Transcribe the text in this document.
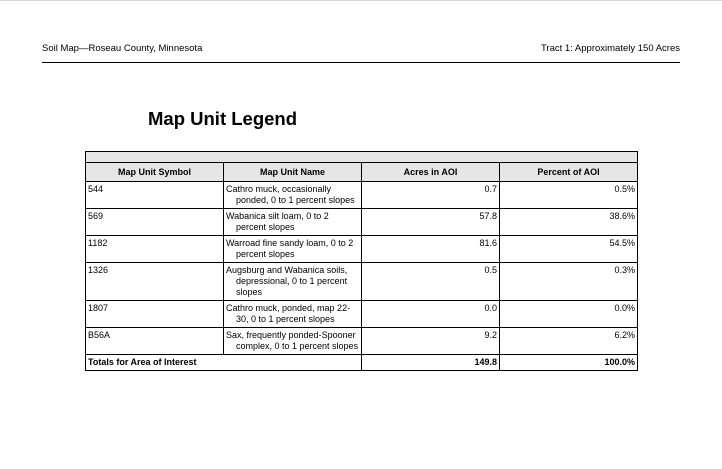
Soil Map—Roseau County, Minnesota	Tract 1: Approximately 150 Acres
Map Unit Legend

Map Unit Symbol	Map Unit Name	Acres in AOI	Percent of AOI
544	Cathro muck, occasionally ponded, 0 to 1 percent slopes	0.7	0.5%
569	Wabanica silt loam, 0 to 2 percent slopes	57.8	38.6%
1182	Warroad fine sandy loam, 0 to 2 percent slopes	81.6	54.5%
1326	Augsburg and Wabanica soils, depressional, 0 to 1 percent slopes	0.5	0.3%
1807	Cathro muck, ponded, map 22-30, 0 to 1 percent slopes	0.0	0.0%
B56A	Sax, frequently ponded-Spooner complex, 0 to 1 percent slopes	9.2	6.2%
Totals for Area of Interest		149.8	100.0%
